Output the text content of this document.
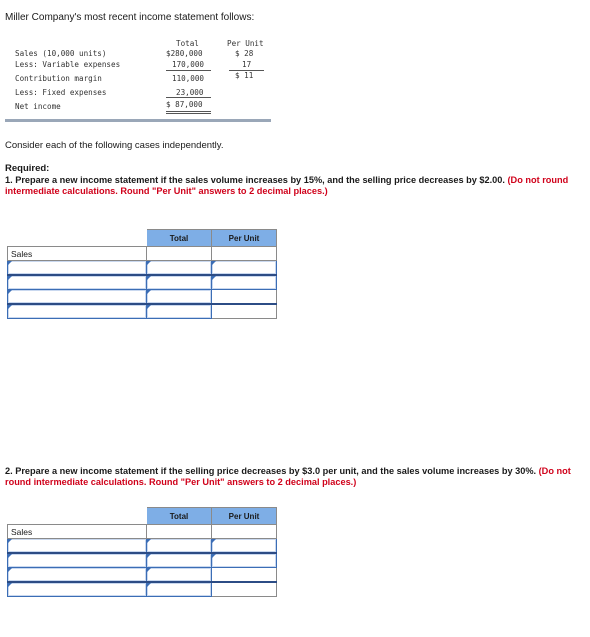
Miller Company's most recent income statement follows:
Total	Per Unit
Sales (10,000 units)	$280,000	$ 28
Less: Variable expenses	170,000	17
Contribution margin	110,000	$ 11
Less: Fixed expenses	23,000
Net income	$ 87,000
Consider each of the following cases independently.
Required:
1. Prepare a new income statement if the sales volume increases by 15%, and the selling price decreases by $2.00. (Do not round intermediate calculations. Round "Per Unit" answers to 2 decimal places.)
	Total	Per Unit
Sales		

2. Prepare a new income statement if the selling price decreases by $3.0 per unit, and the sales volume increases by 30%. (Do not round intermediate calculations. Round "Per Unit" answers to 2 decimal places.)
	Total	Per Unit
Sales		
